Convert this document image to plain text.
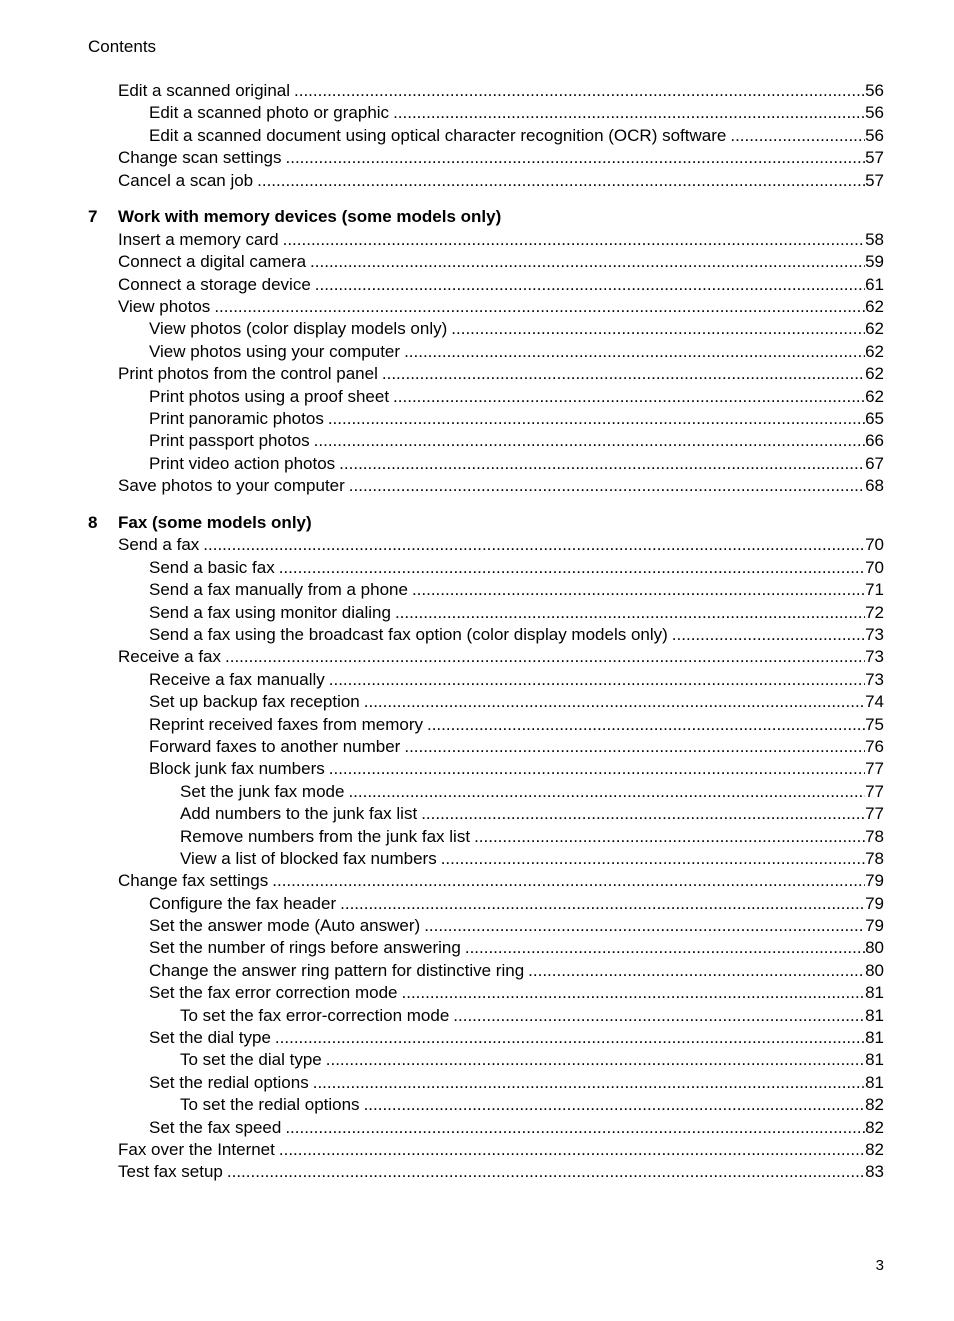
Contents
Edit a scanned original .....	56
Edit a scanned photo or graphic .....	56
Edit a scanned document using optical character recognition (OCR) software .....	56
Change scan settings .....	57
Cancel a scan job .....	57
7	Work with memory devices (some models only)
Insert a memory card .....	58
Connect a digital camera .....	59
Connect a storage device .....	61
View photos .....	62
View photos (color display models only) .....	62
View photos using your computer .....	62
Print photos from the control panel .....	62
Print photos using a proof sheet .....	62
Print panoramic photos .....	65
Print passport photos .....	66
Print video action photos .....	67
Save photos to your computer .....	68
8	Fax (some models only)
Send a fax .....	70
Send a basic fax .....	70
Send a fax manually from a phone .....	71
Send a fax using monitor dialing .....	72
Send a fax using the broadcast fax option (color display models only) .....	73
Receive a fax .....	73
Receive a fax manually .....	73
Set up backup fax reception .....	74
Reprint received faxes from memory .....	75
Forward faxes to another number .....	76
Block junk fax numbers .....	77
Set the junk fax mode .....	77
Add numbers to the junk fax list .....	77
Remove numbers from the junk fax list .....	78
View a list of blocked fax numbers .....	78
Change fax settings .....	79
Configure the fax header .....	79
Set the answer mode (Auto answer) .....	79
Set the number of rings before answering .....	80
Change the answer ring pattern for distinctive ring .....	80
Set the fax error correction mode .....	81
To set the fax error-correction mode .....	81
Set the dial type .....	81
To set the dial type .....	81
Set the redial options .....	81
To set the redial options .....	82
Set the fax speed .....	82
Fax over the Internet .....	82
Test fax setup .....	83
3
